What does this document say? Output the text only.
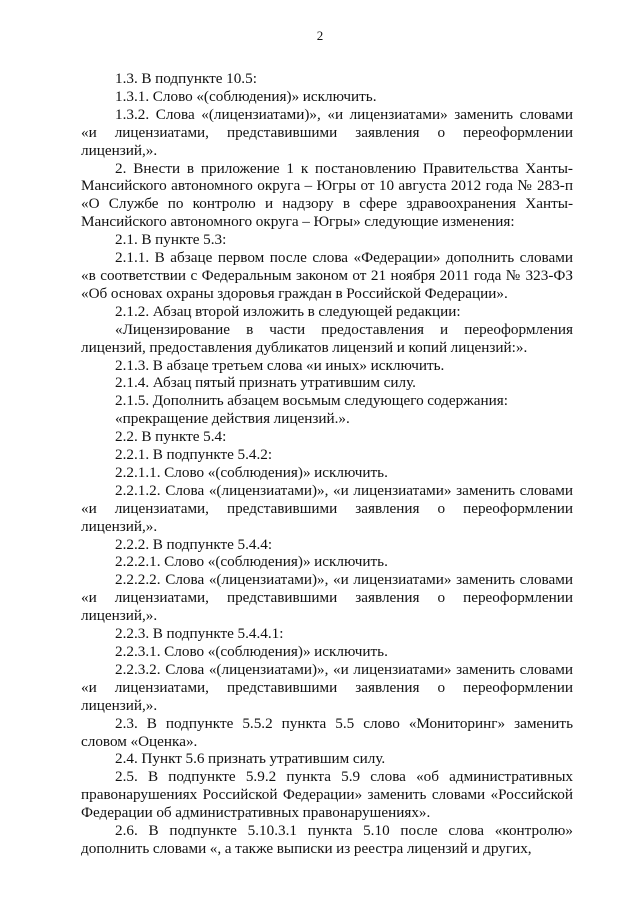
2

1.3. В подпункте 10.5:

1.3.1. Слово «(соблюдения)» исключить.

1.3.2. Слова «(лицензиатами)», «и лицензиатами» заменить словами «и лицензиатами, представившими заявления о переоформлении лицензий,».

2. Внести в приложение 1 к постановлению Правительства Ханты-Мансийского автономного округа – Югры от 10 августа 2012 года № 283-п «О Службе по контролю и надзору в сфере здравоохранения Ханты-Мансийского автономного округа – Югры» следующие изменения:

2.1. В пункте 5.3:

2.1.1. В абзаце первом после слова «Федерации» дополнить словами «в соответствии с Федеральным законом от 21 ноября 2011 года № 323-ФЗ «Об основах охраны здоровья граждан в Российской Федерации».

2.1.2. Абзац второй изложить в следующей редакции:

«Лицензирование в части предоставления и переоформления лицензий, предоставления дубликатов лицензий и копий лицензий:».

2.1.3. В абзаце третьем слова «и иных» исключить.

2.1.4. Абзац пятый признать утратившим силу.

2.1.5. Дополнить абзацем восьмым следующего содержания:

«прекращение действия лицензий.».

2.2. В пункте 5.4:

2.2.1. В подпункте 5.4.2:

2.2.1.1. Слово «(соблюдения)» исключить.

2.2.1.2. Слова «(лицензиатами)», «и лицензиатами» заменить словами «и лицензиатами, представившими заявления о переоформлении лицензий,».

2.2.2. В подпункте 5.4.4:

2.2.2.1. Слово «(соблюдения)» исключить.

2.2.2.2. Слова «(лицензиатами)», «и лицензиатами» заменить словами «и лицензиатами, представившими заявления о переоформлении лицензий,».

2.2.3. В подпункте 5.4.4.1:

2.2.3.1. Слово «(соблюдения)» исключить.

2.2.3.2. Слова «(лицензиатами)», «и лицензиатами» заменить словами «и лицензиатами, представившими заявления о переоформлении лицензий,».

2.3. В подпункте 5.5.2 пункта 5.5 слово «Мониторинг» заменить словом «Оценка».

2.4. Пункт 5.6 признать утратившим силу.

2.5. В подпункте 5.9.2 пункта 5.9 слова «об административных правонарушениях Российской Федерации» заменить словами «Российской Федерации об административных правонарушениях».

2.6. В подпункте 5.10.3.1 пункта 5.10 после слова «контролю» дополнить словами «, а также выписки из реестра лицензий и других,
